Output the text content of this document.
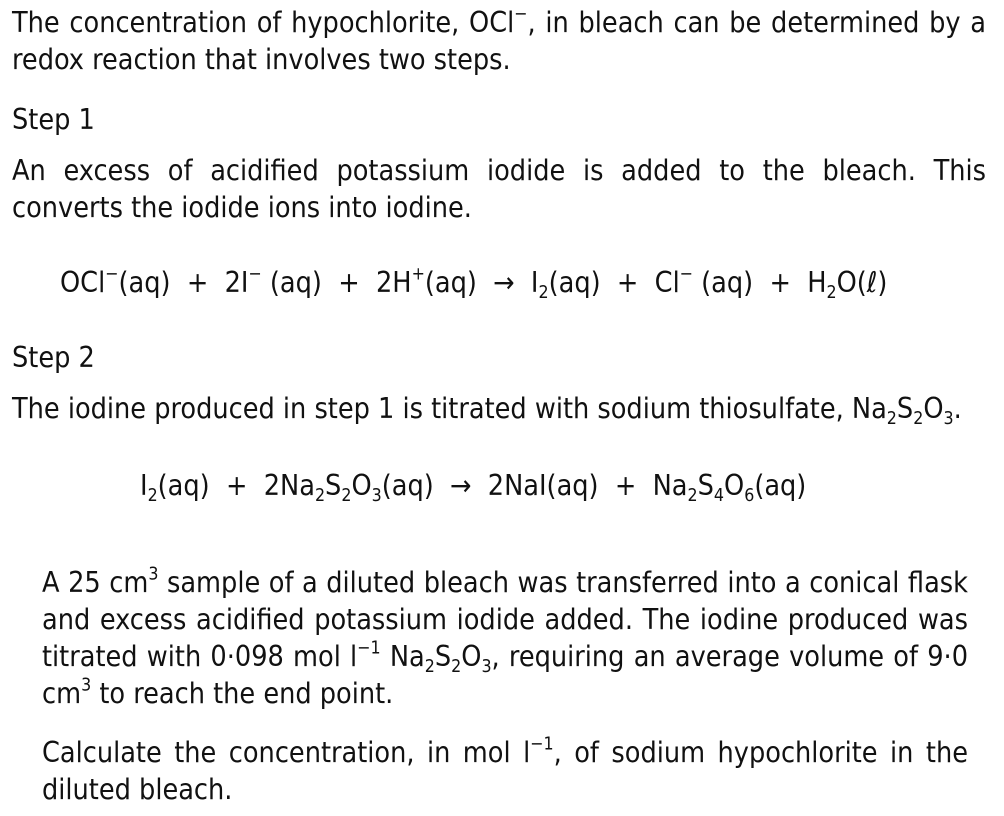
The concentration of hypochlorite, OCl−, in bleach can be determined by a redox reaction that involves two steps.

Step 1

An excess of acidified potassium iodide is added to the bleach. This converts the iodide ions into iodine.

OCl−(aq)  +  2I− $(aq) + 2H^+(aq) \to I_2(aq) + Cl^-$ $(aq) + H_2O(\ell)$

Step 2

The iodine produced in step 1 is titrated with sodium thiosulfate, $Na_2S_2O_3$.

$I_2(aq) + 2Na_2S_2O_3(aq) \to 2NaI(aq) + Na_2S_4O_6(aq)$

A 25 $cm^3$ sample of a diluted bleach was transferred into a conical flask and excess acidified potassium iodide added. The iodine produced was titrated with 0·098 mol $l^{-1}$ $Na_2S_2O_3$, requiring an average volume of 9·0 $cm^3$ to reach the end point.

Calculate the concentration, in mol $l^{-1}$, of sodium hypochlorite in the diluted bleach.
